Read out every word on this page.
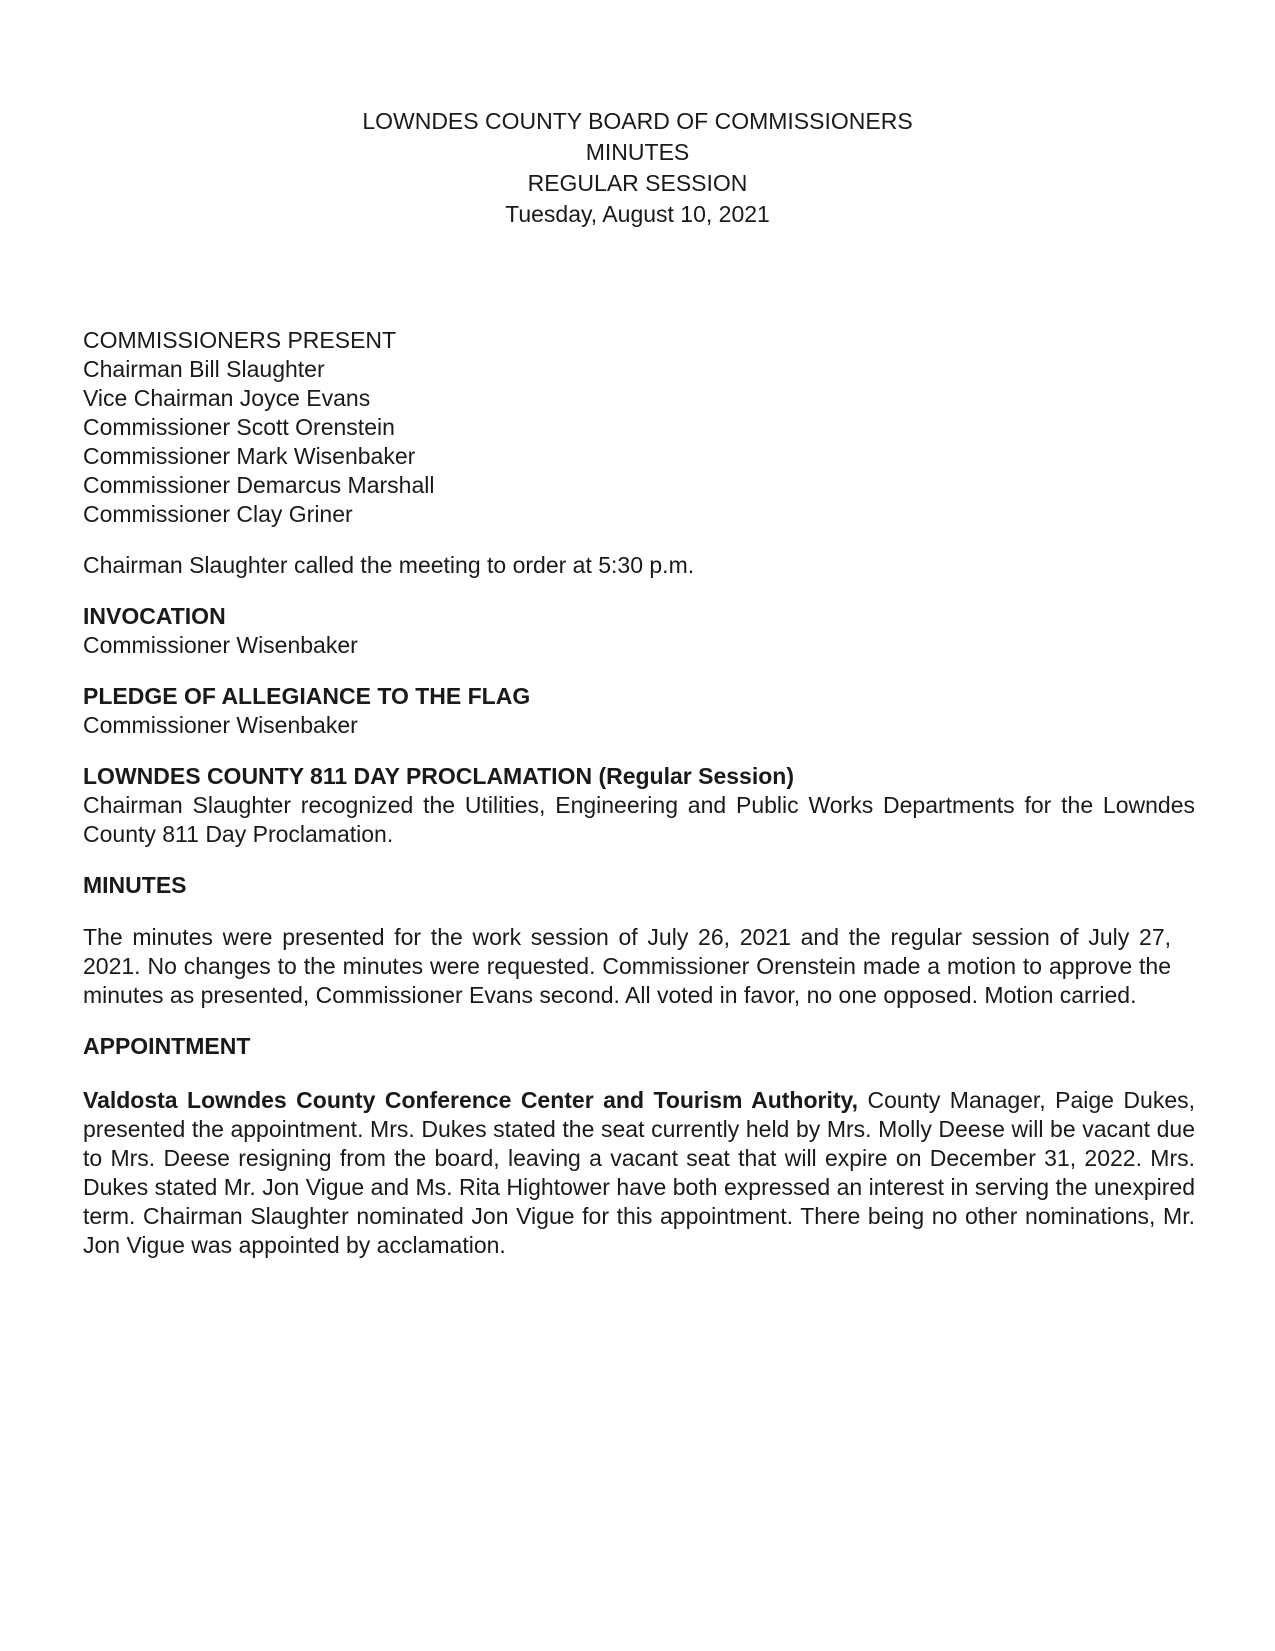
LOWNDES COUNTY BOARD OF COMMISSIONERS
MINUTES
REGULAR SESSION
Tuesday, August 10, 2021
COMMISSIONERS PRESENT
Chairman Bill Slaughter
Vice Chairman Joyce Evans
Commissioner Scott Orenstein
Commissioner Mark Wisenbaker
Commissioner Demarcus Marshall
Commissioner Clay Griner
Chairman Slaughter called the meeting to order at 5:30 p.m.
INVOCATION
Commissioner Wisenbaker
PLEDGE OF ALLEGIANCE TO THE FLAG
Commissioner Wisenbaker
LOWNDES COUNTY 811 DAY PROCLAMATION (Regular Session)
Chairman Slaughter recognized the Utilities, Engineering and Public Works Departments for the Lowndes County 811 Day Proclamation.
MINUTES
The minutes were presented for the work session of July 26, 2021 and the regular session of July 27, 2021. No changes to the minutes were requested. Commissioner Orenstein made a motion to approve the minutes as presented, Commissioner Evans second. All voted in favor, no one opposed. Motion carried.
APPOINTMENT
Valdosta Lowndes County Conference Center and Tourism Authority, County Manager, Paige Dukes, presented the appointment. Mrs. Dukes stated the seat currently held by Mrs. Molly Deese will be vacant due to Mrs. Deese resigning from the board, leaving a vacant seat that will expire on December 31, 2022. Mrs. Dukes stated Mr. Jon Vigue and Ms. Rita Hightower have both expressed an interest in serving the unexpired term. Chairman Slaughter nominated Jon Vigue for this appointment. There being no other nominations, Mr. Jon Vigue was appointed by acclamation.
